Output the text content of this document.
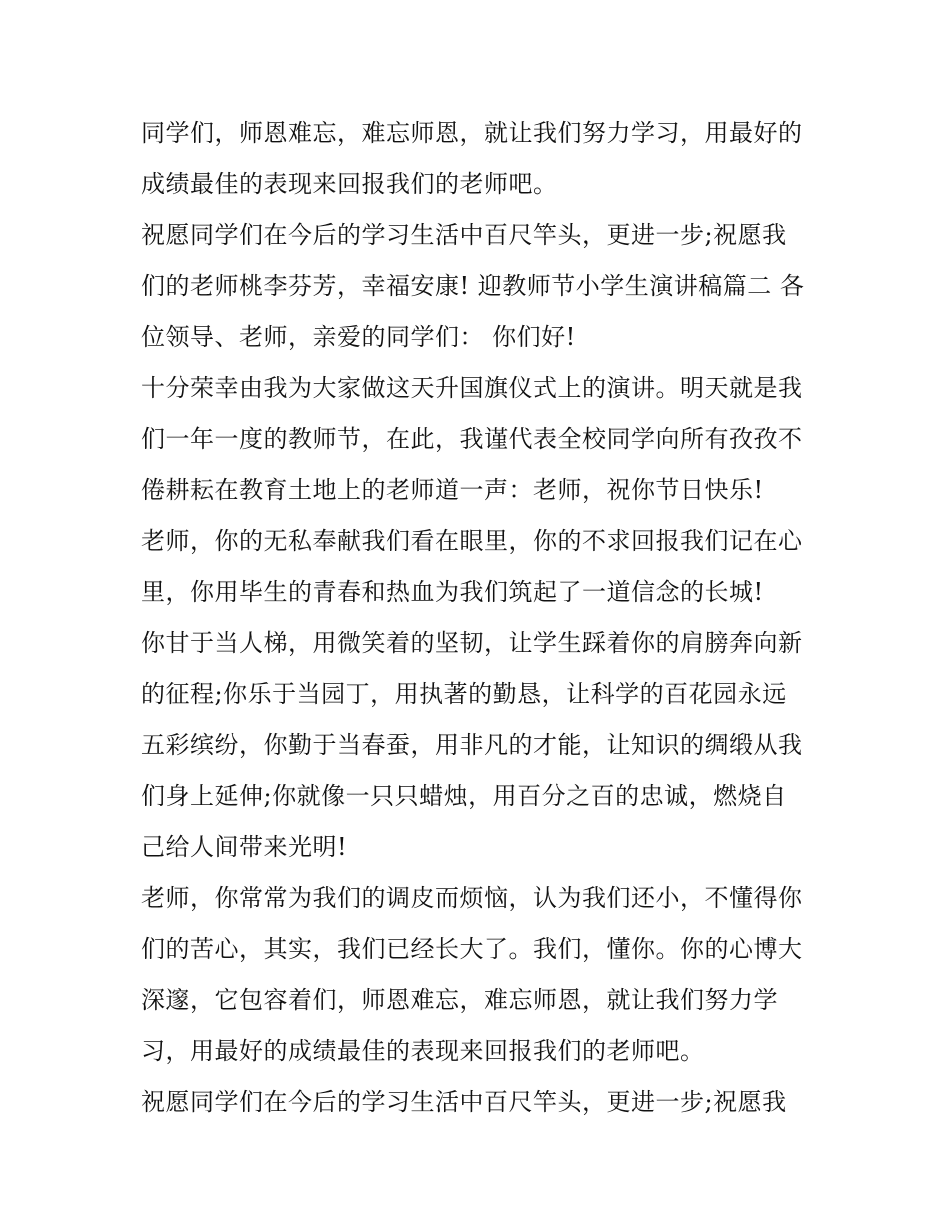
同学们，师恩难忘，难忘师恩，就让我们努力学习，用最好的
成绩最佳的表现来回报我们的老师吧。
祝愿同学们在今后的学习生活中百尺竿头，更进一步;祝愿我
们的老师桃李芬芳，幸福安康! 迎教师节小学生演讲稿篇二 各
位领导、老师，亲爱的同学们： 你们好!
十分荣幸由我为大家做这天升国旗仪式上的演讲。明天就是我
们一年一度的教师节，在此，我谨代表全校同学向所有孜孜不
倦耕耘在教育土地上的老师道一声：老师，祝你节日快乐!
老师，你的无私奉献我们看在眼里，你的不求回报我们记在心
里，你用毕生的青春和热血为我们筑起了一道信念的长城!
你甘于当人梯，用微笑着的坚韧，让学生踩着你的肩膀奔向新
的征程;你乐于当园丁，用执著的勤恳，让科学的百花园永远
五彩缤纷，你勤于当春蚕，用非凡的才能，让知识的绸缎从我
们身上延伸;你就像一只只蜡烛，用百分之百的忠诚，燃烧自
己给人间带来光明!
老师，你常常为我们的调皮而烦恼，认为我们还小，不懂得你
们的苦心，其实，我们已经长大了。我们，懂你。你的心博大
深邃，它包容着们，师恩难忘，难忘师恩，就让我们努力学
习，用最好的成绩最佳的表现来回报我们的老师吧。
祝愿同学们在今后的学习生活中百尺竿头，更进一步;祝愿我
